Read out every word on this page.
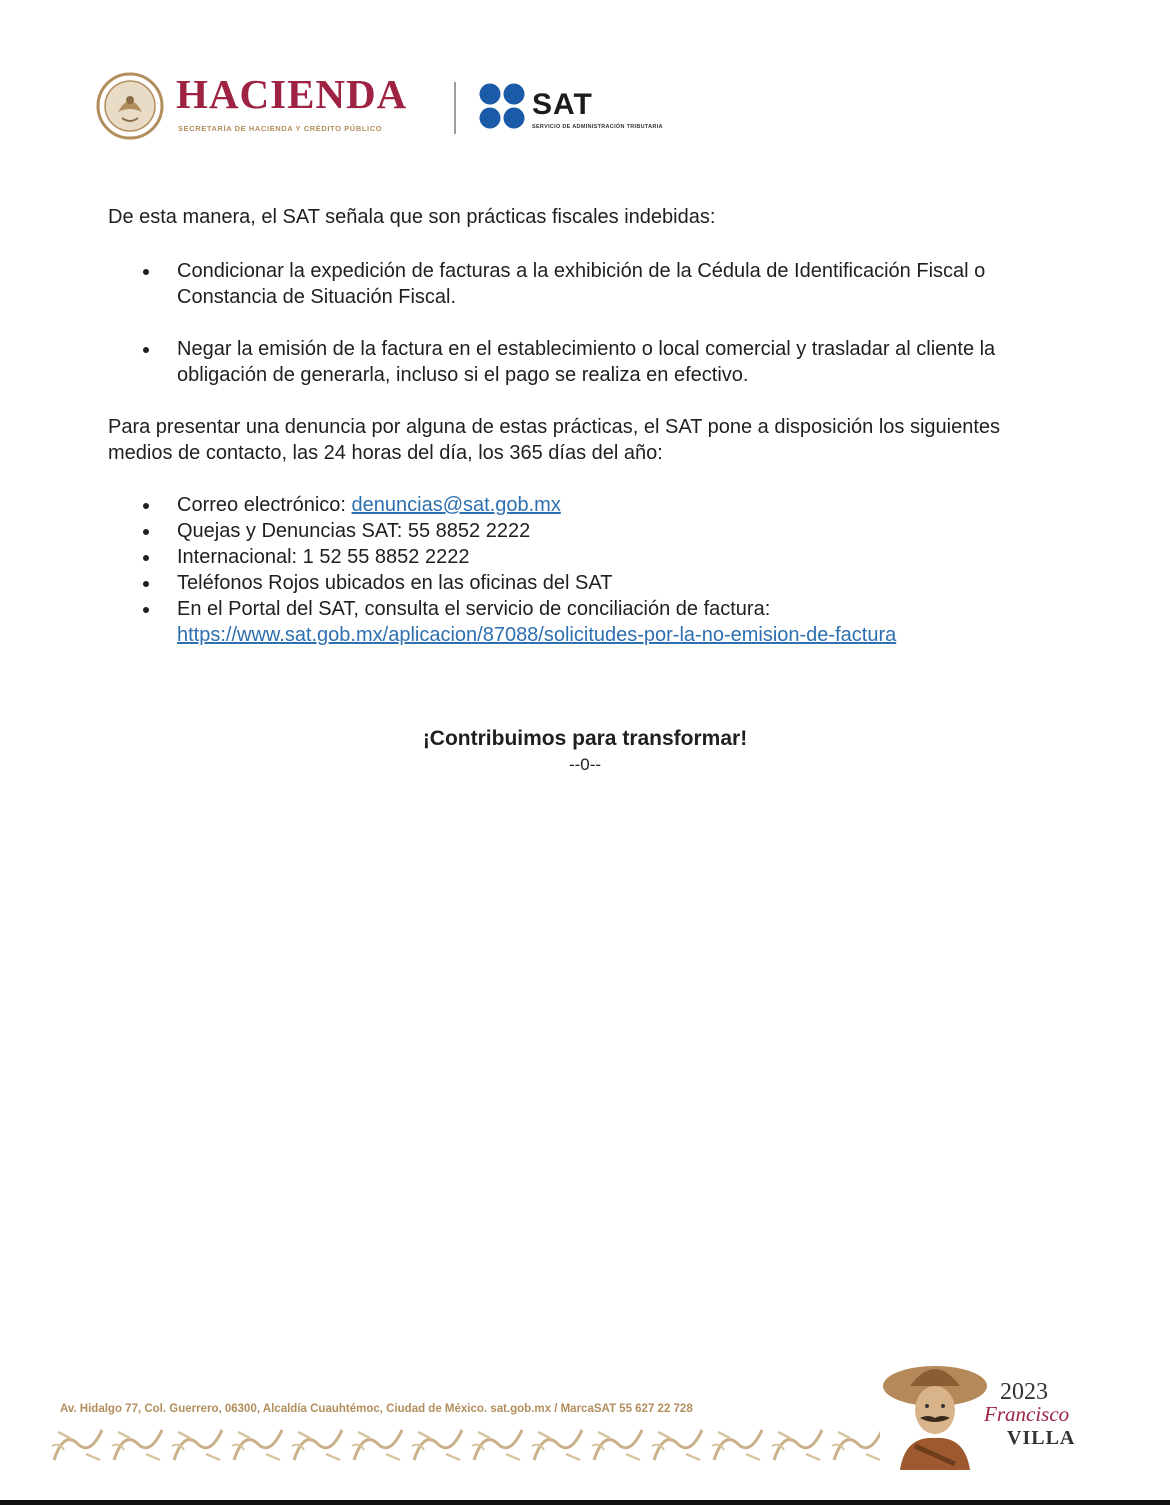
HACIENDA
SECRETARÍA DE HACIENDA Y CRÉDITO PÚBLICO
SAT
SERVICIO DE ADMINISTRACIÓN TRIBUTARIA

De esta manera, el SAT señala que son prácticas fiscales indebidas:

Condicionar la expedición de facturas a la exhibición de la Cédula de Identificación Fiscal o Constancia de Situación Fiscal.
Negar la emisión de la factura en el establecimiento o local comercial y trasladar al cliente la obligación de generarla, incluso si el pago se realiza en efectivo.

Para presentar una denuncia por alguna de estas prácticas, el SAT pone a disposición los siguientes medios de contacto, las 24 horas del día, los 365 días del año:

Correo electrónico: denuncias@sat.gob.mx
Quejas y Denuncias SAT: 55 8852 2222
Internacional: 1 52 55 8852 2222
Teléfonos Rojos ubicados en las oficinas del SAT
En el Portal del SAT, consulta el servicio de conciliación de factura:
https://www.sat.gob.mx/aplicacion/87088/solicitudes-por-la-no-emision-de-factura
¡Contribuimos para transformar!
--0--
Av. Hidalgo 77, Col. Guerrero, 06300, Alcaldía Cuauhtémoc, Ciudad de México. sat.gob.mx / MarcaSAT 55 627 22 728
2023
Francisco
VILLA
